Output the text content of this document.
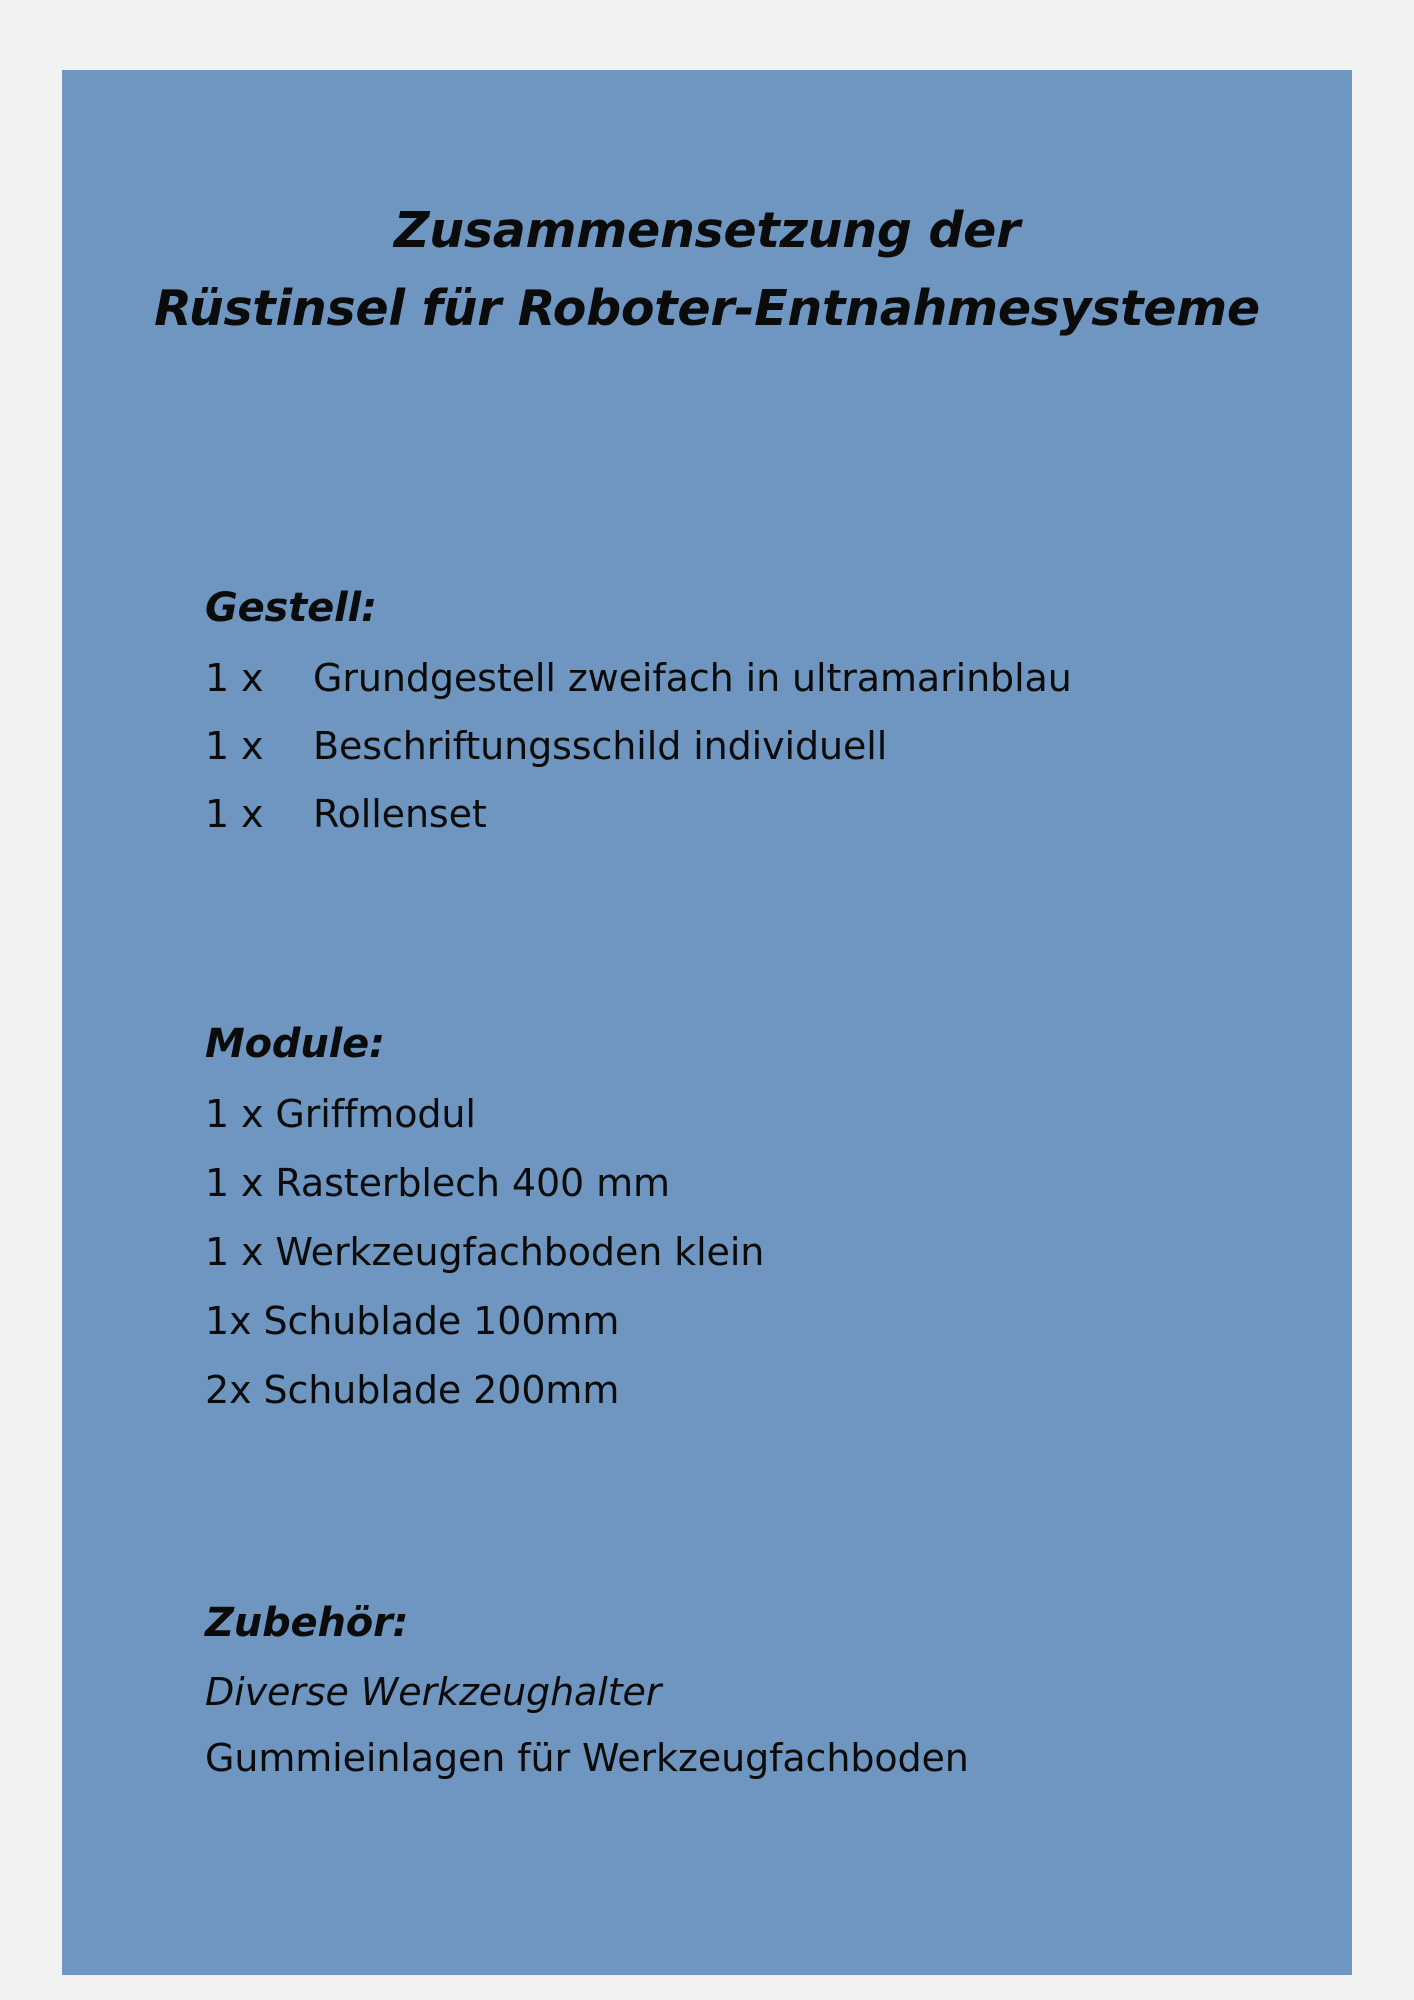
Zusammensetzung der
Rüstinsel für Roboter-Entnahmesysteme
Gestell:
1 x	Grundgestell zweifach in ultramarinblau
1 x	Beschriftungsschild individuell
1 x	Rollenset
Module:
1 x Griffmodul
1 x Rasterblech 400 mm
1 x Werkzeugfachboden klein
1x Schublade 100mm
2x Schublade 200mm
Zubehör:
Diverse Werkzeughalter
Gummieinlagen für Werkzeugfachboden
